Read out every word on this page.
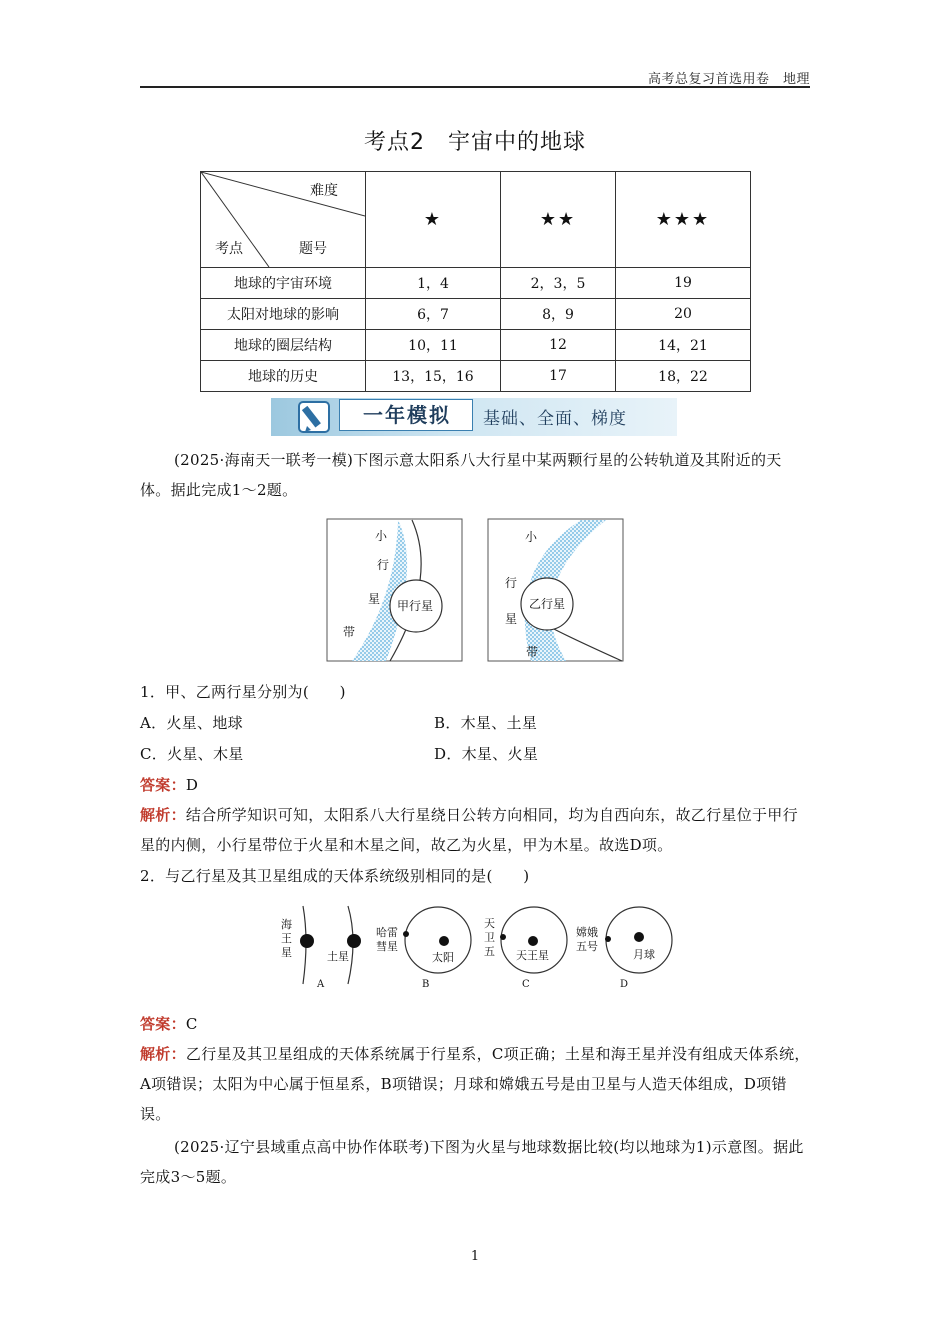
高考总复习首选用卷　地理
考点2　宇宙中的地球
难度
考点 题号	★	★★	★★★
地球的宇宙环境	1，4	2，3，5	19
太阳对地球的影响	6，7	8，9	20
地球的圈层结构	10，11	12	14，21
地球的历史	13，15，16	17	18，22
一年模拟	基础、全面、梯度
(2025·海南天一联考一模)下图示意太阳系八大行星中某两颗行星的公转轨道及其附近的天体。据此完成1～2题。
甲行星	乙行星
小
行
星
带
小
行
星
带
1．甲、乙两行星分别为(　　)
A．火星、地球	B．木星、土星
C．火星、木星	D．木星、火星
答案：D
解析：结合所学知识可知，太阳系八大行星绕日公转方向相同，均为自西向东，故乙行星位于甲行星的内侧，小行星带位于火星和木星之间，故乙为火星，甲为木星。故选D项。
2．与乙行星及其卫星组成的天体系统级别相同的是(　　)
海王星	土星
哈雷彗星
太阳
天卫五 天王星
嫦娥五号
月球
A	B	C	D
答案：C
解析：乙行星及其卫星组成的天体系统属于行星系，C项正确；土星和海王星并没有组成天体系统，A项错误；太阳为中心属于恒星系，B项错误；月球和嫦娥五号是由卫星与人造天体组成，D项错误。
(2025·辽宁县域重点高中协作体联考)下图为火星与地球数据比较(均以地球为1)示意图。据此完成3～5题。
1
